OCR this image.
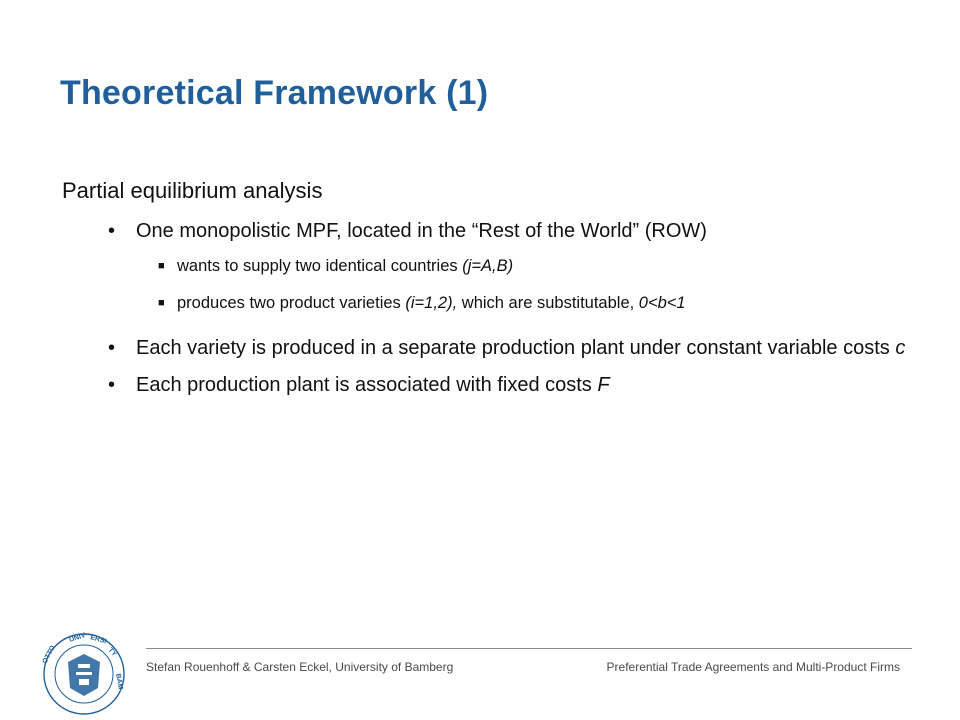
Theoretical Framework (1)

Partial equilibrium analysis

• One monopolistic MPF, located in the “Rest of the World” (ROW)

■ wants to supply two identical countries (j=A,B)

■ produces two product varieties (i=1,2), which are substitutable, 0<b<1

• Each variety is produced in a separate production plant under constant variable costs c

• Each production plant is associated with fixed costs F

UNIV ERSI
TY
OTTO
BAM
Stefan Rouenhoff & Carsten Eckel, University of Bamberg	Preferential Trade Agreements and Multi-Product Firms
